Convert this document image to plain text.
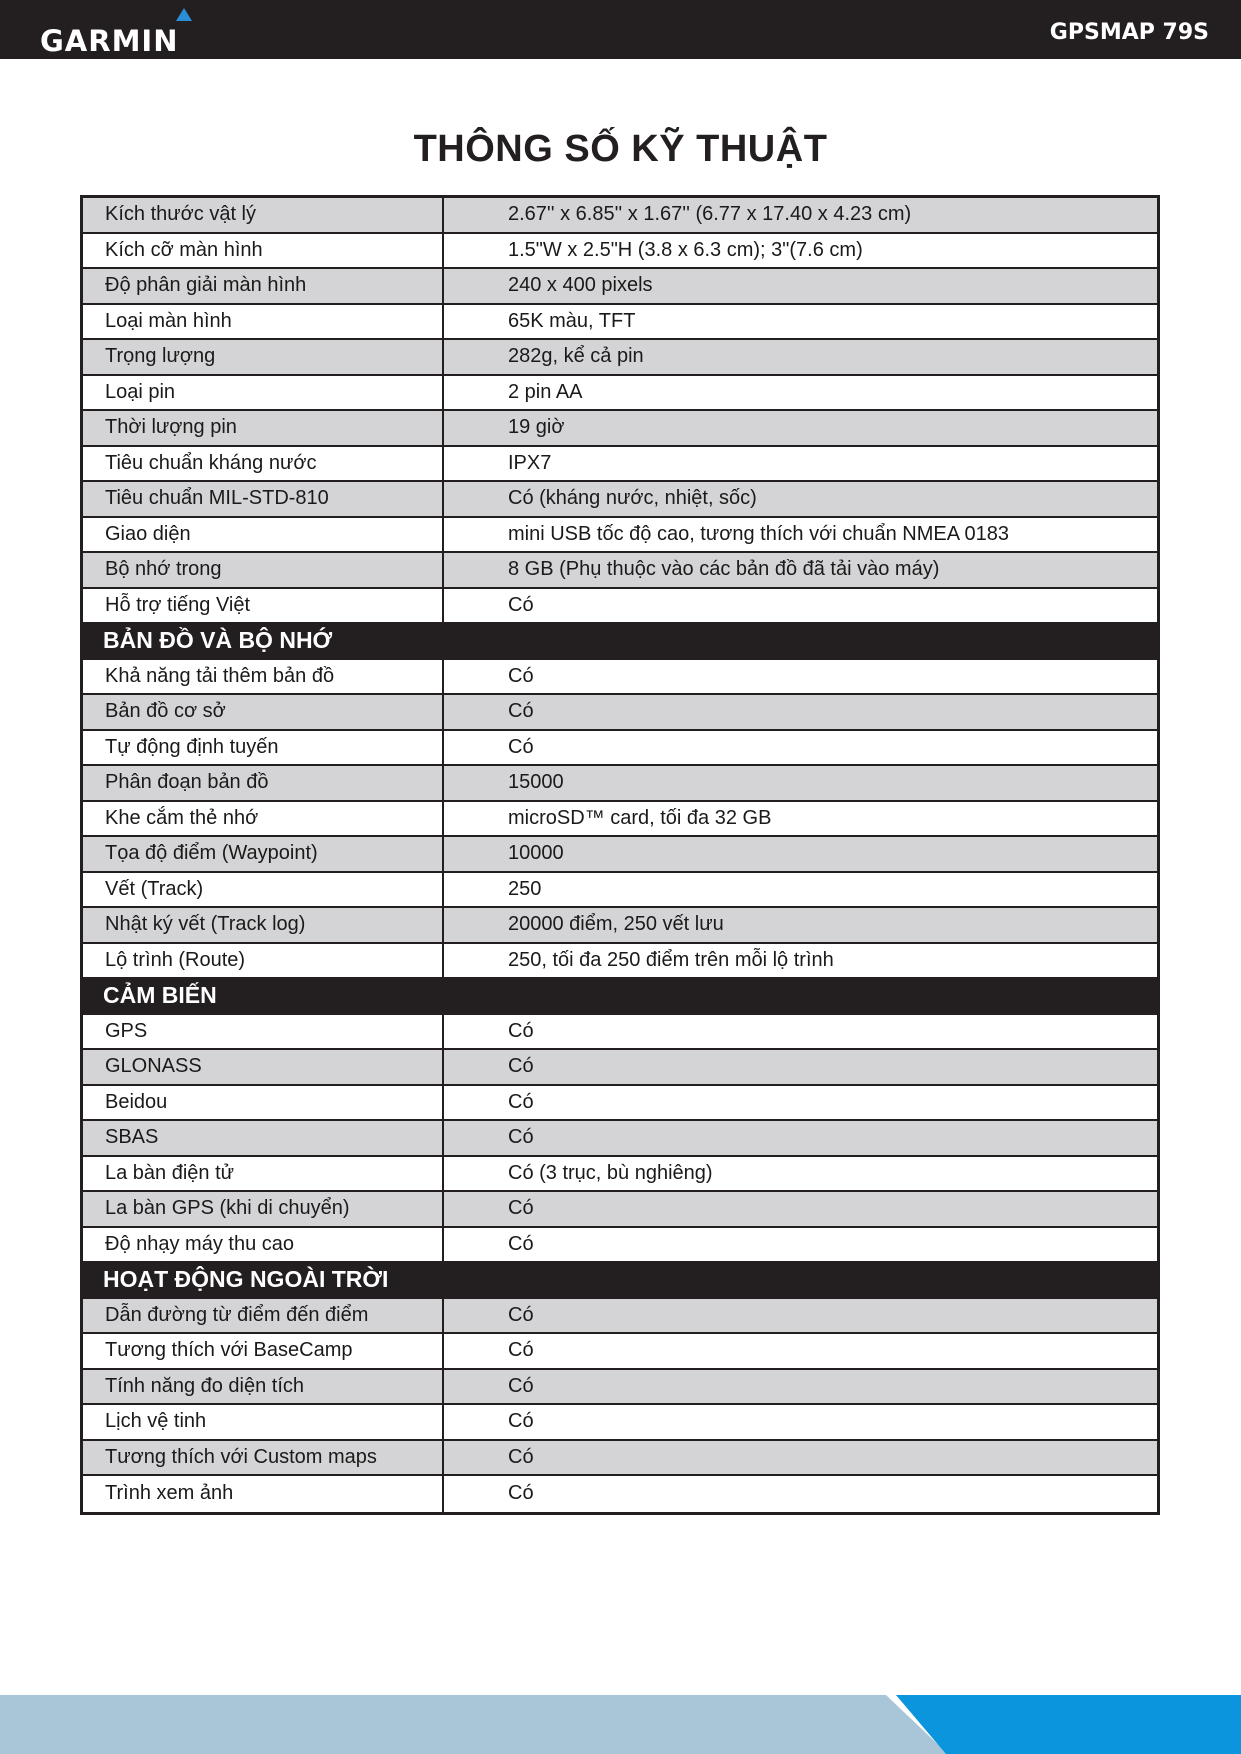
GARMIN	GPSMAP 79S
THÔNG SỐ KỸ THUẬT
Kích thước vật lý	2.67'' x 6.85'' x 1.67'' (6.77 x 17.40 x 4.23 cm)
Kích cỡ màn hình	1.5"W x 2.5"H (3.8 x 6.3 cm); 3"(7.6 cm)
Độ phân giải màn hình	240 x 400 pixels
Loại màn hình	65K màu, TFT
Trọng lượng	282g, kể cả pin
Loại pin	2 pin AA
Thời lượng pin	19 giờ
Tiêu chuẩn kháng nước	IPX7
Tiêu chuẩn MIL-STD-810	Có (kháng nước, nhiệt, sốc)
Giao diện	mini USB tốc độ cao, tương thích với chuẩn NMEA 0183
Bộ nhớ trong	8 GB (Phụ thuộc vào các bản đồ đã tải vào máy)
Hỗ trợ tiếng Việt	Có
BẢN ĐỒ VÀ BỘ NHỚ
Khả năng tải thêm bản đồ	Có
Bản đồ cơ sở	Có
Tự động định tuyến	Có
Phân đoạn bản đồ	15000
Khe cắm thẻ nhớ	microSD™ card, tối đa 32 GB
Tọa độ điểm (Waypoint)	10000
Vết (Track)	250
Nhật ký vết (Track log)	20000 điểm, 250 vết lưu
Lộ trình (Route)	250, tối đa 250 điểm trên mỗi lộ trình
CẢM BIẾN
GPS	Có
GLONASS	Có
Beidou	Có
SBAS	Có
La bàn điện tử	Có (3 trục, bù nghiêng)
La bàn GPS (khi di chuyển)	Có
Độ nhạy máy thu cao	Có
HOẠT ĐỘNG NGOÀI TRỜI
Dẫn đường từ điểm đến điểm	Có
Tương thích với BaseCamp	Có
Tính năng đo diện tích	Có
Lịch vệ tinh	Có
Tương thích với Custom maps	Có
Trình xem ảnh	Có
